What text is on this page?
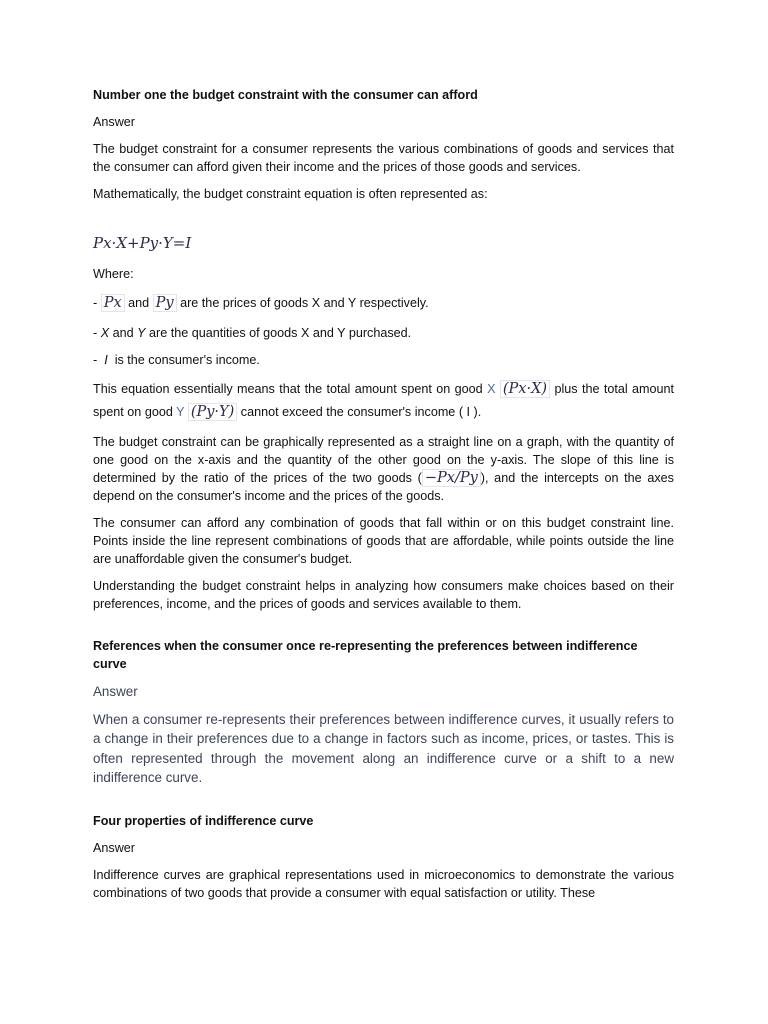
Number one the budget constraint with the consumer can afford

Answer

The budget constraint for a consumer represents the various combinations of goods and services that the consumer can afford given their income and the prices of those goods and services.

Mathematically, the budget constraint equation is often represented as:

Px·X+Py·Y=I

Where:

- Px and Py are the prices of goods X and Y respectively.

- X and Y are the quantities of goods X and Y purchased.

- I is the consumer's income.

This equation essentially means that the total amount spent on good X (Px·X) plus the total amount spent on good Y (Py·Y) cannot exceed the consumer's income ( I ).

The budget constraint can be graphically represented as a straight line on a graph, with the quantity of one good on the x-axis and the quantity of the other good on the y-axis. The slope of this line is determined by the ratio of the prices of the two goods ( −Px/Py ), and the intercepts on the axes depend on the consumer's income and the prices of the goods.

The consumer can afford any combination of goods that fall within or on this budget constraint line. Points inside the line represent combinations of goods that are affordable, while points outside the line are unaffordable given the consumer's budget.

Understanding the budget constraint helps in analyzing how consumers make choices based on their preferences, income, and the prices of goods and services available to them.

References when the consumer once re-representing the preferences between indifference curve

Answer

When a consumer re-represents their preferences between indifference curves, it usually refers to a change in their preferences due to a change in factors such as income, prices, or tastes. This is often represented through the movement along an indifference curve or a shift to a new indifference curve.

Four properties of indifference curve

Answer

Indifference curves are graphical representations used in microeconomics to demonstrate the various combinations of two goods that provide a consumer with equal satisfaction or utility. These
